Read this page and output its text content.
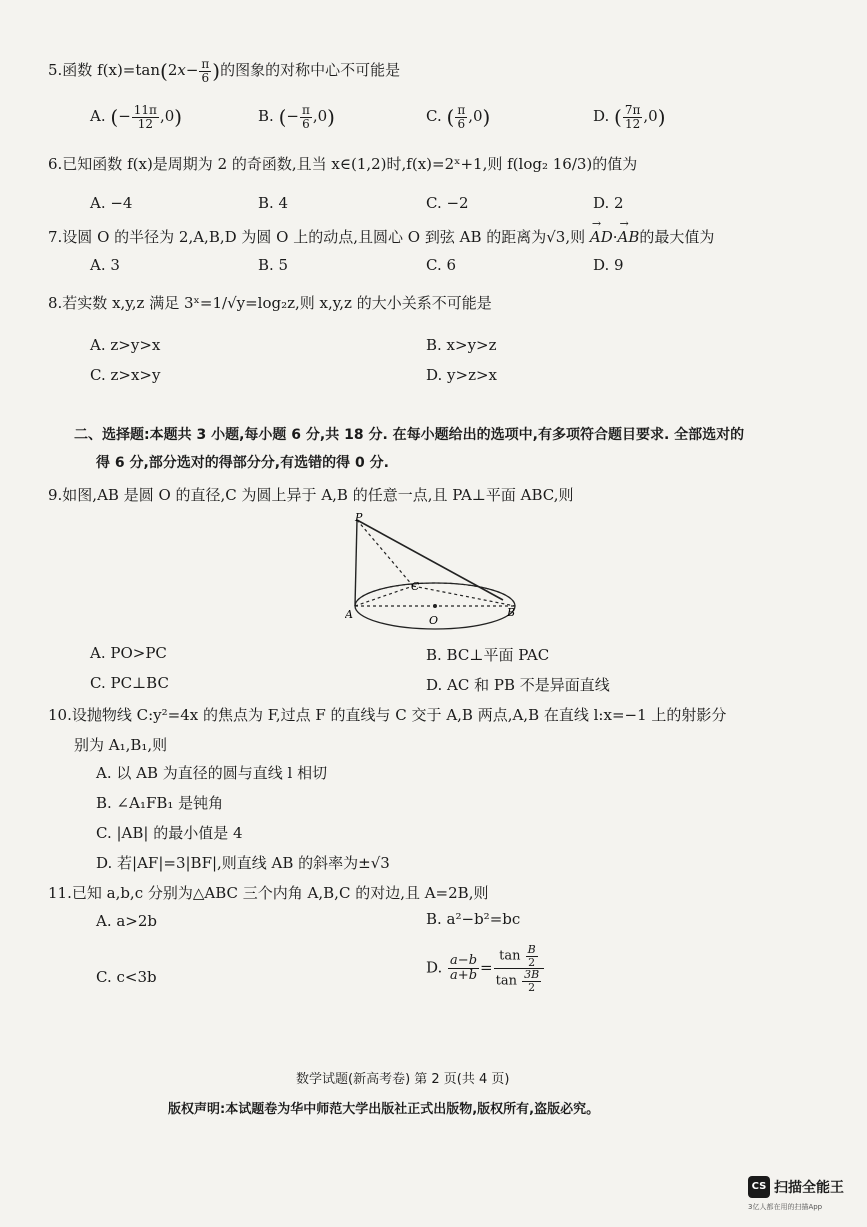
5.函数 $f(x)=\tan(2x- \frac{\pi}{6}$ )的图象的对称中心不可能是
A. (− $\frac{11\pi}{12} ,0$)	B. (− $\frac{\pi}{6} ,0$)	C. ( $\frac{\pi}{6} ,0$)	D. ( $\frac{7\pi}{12} ,0$)
6.已知函数 f(x)是周期为 2 的奇函数,且当 x∈(1,2)时,f(x)=2ˣ+1,则 f(log₂ 16/3)的值为
A. −4	B. 4	C. −2	D. 2
7.设圆 O 的半径为 2,A,B,D 为圆 O 上的动点,且圆心 O 到弦 AB 的距离为√3,则 → AD·→ AB的最大值为
A. 3	B. 5	C. 6	D. 9
8.若实数 x,y,z 满足 3ˣ=1/√y=log₂z,则 x,y,z 的大小关系不可能是
A. z>y>x	B. x>y>z
C. z>x>y	D. y>z>x
二、选择题:本题共 3 小题,每小题 6 分,共 18 分. 在每小题给出的选项中,有多项符合题目要求. 全部选对的
得 6 分,部分选对的得部分分,有选错的得 0 分.
9.如图,AB 是圆 O 的直径,C 为圆上异于 A,B 的任意一点,且 PA⊥平面 ABC,则
P
C
A	B
O
A. PO>PC	B. BC⊥平面 PAC
C. PC⊥BC	D. AC 和 PB 不是异面直线
10.设抛物线 C:y²=4x 的焦点为 F,过点 F 的直线与 C 交于 A,B 两点,A,B 在直线 l:x=−1 上的射影分
别为 A₁,B₁,则
A. 以 AB 为直径的圆与直线 l 相切
B. ∠A₁FB₁ 是钝角
C. |AB| 的最小值是 4
D. 若|AF|=3|BF|,则直线 AB 的斜率为±√3
11.已知 a,b,c 分别为△ABC 三个内角 A,B,C 的对边,且 A=2B,则
A. a>2b	B. a²−b²=bc
C. c<3b
D. $\frac{a-b}{a+b} = \frac{\tan \frac{B}{2}}{\tan \frac{3B}{2}}$
数学试题(新高考卷) 第 2 页(共 4 页)
版权声明:本试题卷为华中师范大学出版社正式出版物,版权所有,盗版必究。
CS 扫描全能王
3亿人都在用的扫描App
